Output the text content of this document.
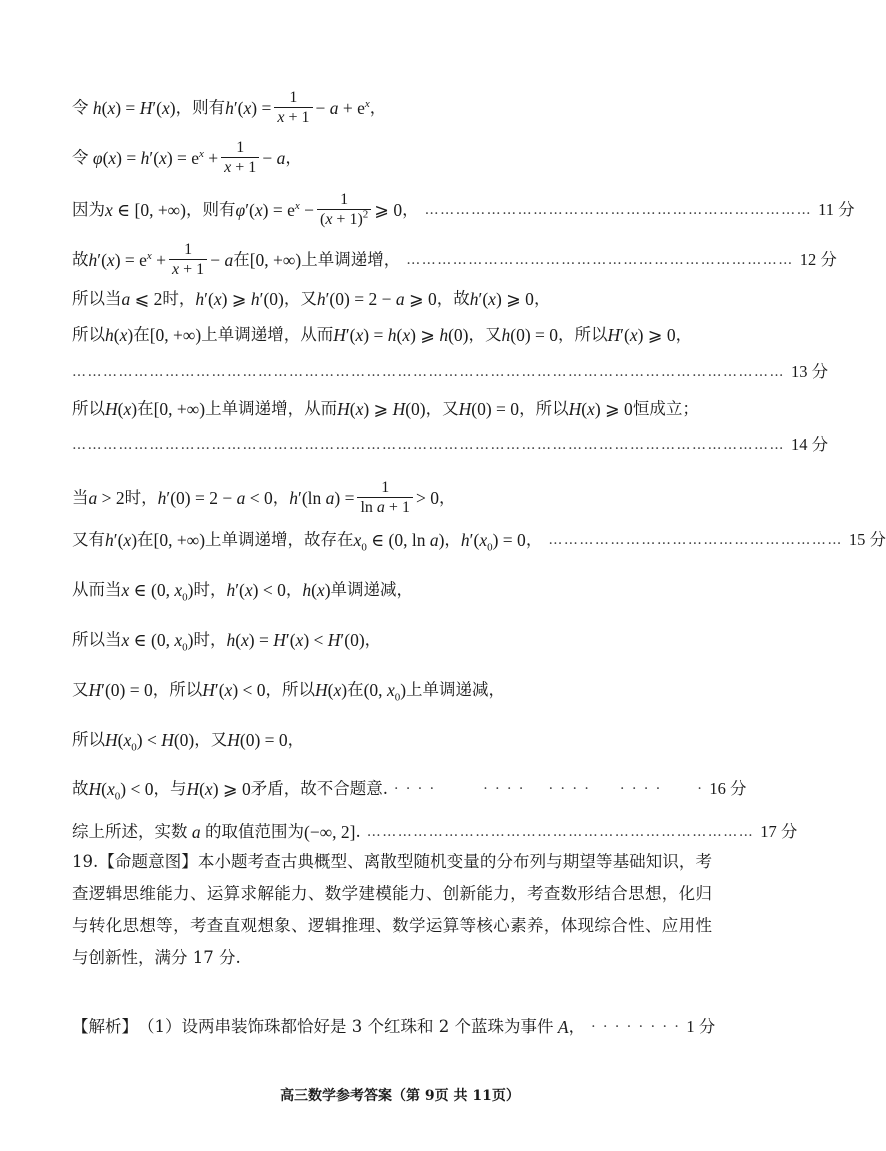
令 h(x) = H′(x) ，则有 $h'(x) = \frac{1}{x + 1} - a + e^x$ ，
令 $\varphi(x) = h'(x) = e^x + \frac{1}{x + 1} - a$ ，
因为 x ∈ [0, +∞) ，则有 $\varphi'(x) = e^x - \frac{1}{(x + 1)^2}$ ⩾ 0 ， ………………………………………………………………… 11 分
故 $h'(x) = e^x + \frac{1}{x + 1} - a$ 在 [0, +∞) 上单调递增， ………………………………………………………………… 12 分
所以当 a ⩽ 2 时， h′(x) ⩾ h′(0) ，又 h′(0) = 2 − a ⩾ 0 ，故 h′(x) ⩾ 0 ，
所以 h(x) 在 [0, +∞) 上单调递增，从而 H′(x) = h(x) ⩾ h(0) ，又 h(0) = 0 ，所以 H′(x) ⩾ 0 ，
………………………………………………………………………………………………………………………… 13 分
所以 H(x) 在 [0, +∞) 上单调递增，从而 H(x) ⩾ H(0) ，又 H(0) = 0 ，所以 H(x) ⩾ 0 恒成立；
………………………………………………………………………………………………………………………… 14 分
当 a > 2 时， h′(0) = 2 − a < 0 ， h′(ln $a) = \frac{1}{\text{ln a + 1}} > 0$ ，
又有 h′(x) 在 [0, +∞) 上单调递增，故存在 $x_0$ ∈ (0, ln a) ， $h'(x_0) = 0$ ， ………………………………………………… 15 分
从而当 x ∈ (0, $x_0$) 时， h′(x) < 0 ， h(x) 单调递减，
所以当 x ∈ (0, $x_0$) 时， h(x) = H′(x) < H′(0) ，
又 H′(0) = 0 ，所以 H′(x) < 0 ，所以 H(x) 在 (0, $x_0$) 上单调递减，
所以 $H(x_0) < H(0)$ ，又 H(0) = 0 ，
故 $H(x_0) < 0$ ，与 H(x) ⩾ 0 矛盾，故不合题意. · · · ·        · · · ·    · · · ·     · · · ·      · 16 分
综上所述，实数 a 的取值范围为 (−∞, 2] . ………………………………………………………………… 17 分
19.【命题意图】本小题考查古典概型、离散型随机变量的分布列与期望等基础知识，考查逻辑思维能力、运算求解能力、数学建模能力、创新能力，考查数形结合思想，化归与转化思想等，考查直观想象、逻辑推理、数学运算等核心素养，体现综合性、应用性与创新性，满分 17 分.
【解析】 （1）设两串装饰珠都恰好是 3 个红珠和 2 个蓝珠为事件 A ， · · · · · · · · 1 分
高三数学参考答案（第 9页 共 11页）
